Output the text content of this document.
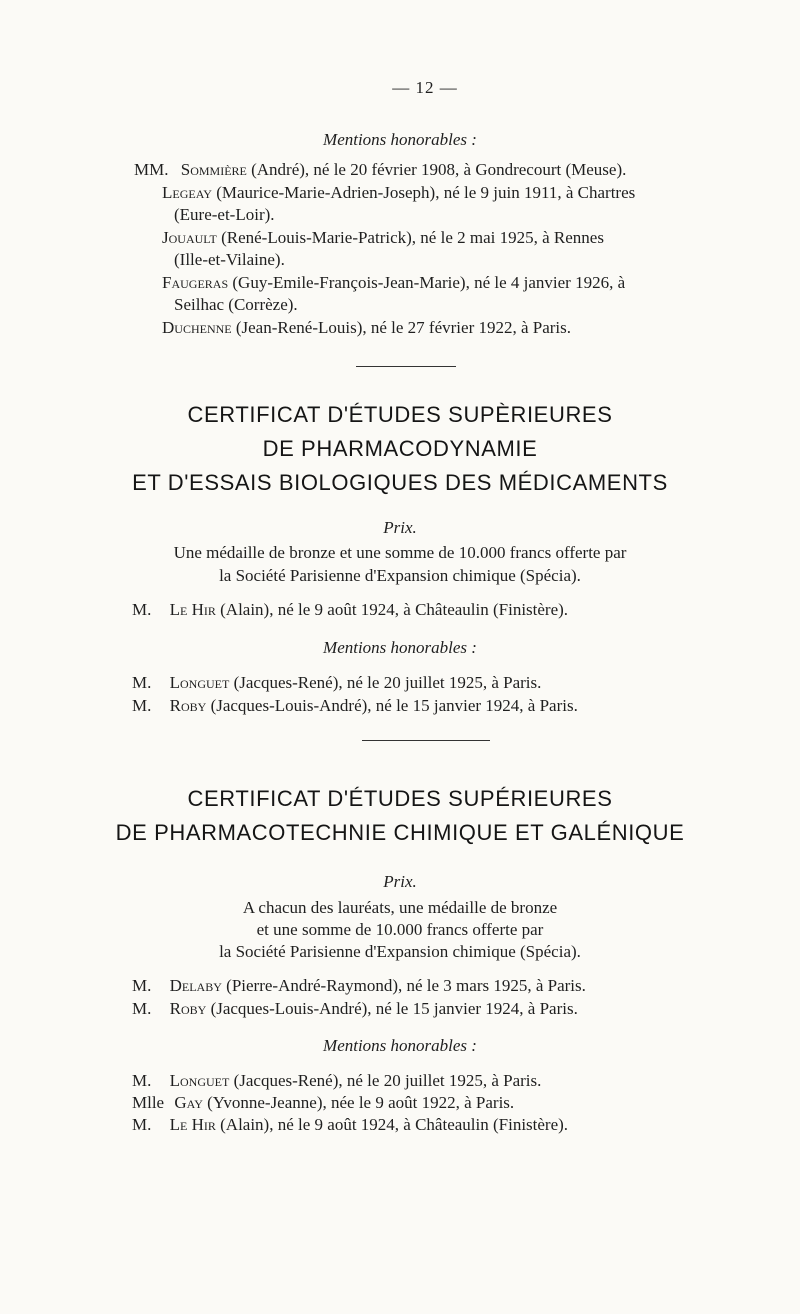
— 12 —
Mentions honorables :
MM. Sommière (André), né le 20 février 1908, à Gondrecourt (Meuse).
Legeay (Maurice-Marie-Adrien-Joseph), né le 9 juin 1911, à Chartres
(Eure-et-Loir).
Jouault (René-Louis-Marie-Patrick), né le 2 mai 1925, à Rennes
(Ille-et-Vilaine).
Faugeras (Guy-Emile-François-Jean-Marie), né le 4 janvier 1926, à
Seilhac (Corrèze).
Duchenne (Jean-René-Louis), né le 27 février 1922, à Paris.
CERTIFICAT D'ÉTUDES SUPÈRIEURES
DE PHARMACODYNAMIE
ET D'ESSAIS BIOLOGIQUES DES MÉDICAMENTS
Prix.
Une médaille de bronze et une somme de 10.000 francs offerte par
la Société Parisienne d'Expansion chimique (Spécia).
M. Le Hir (Alain), né le 9 août 1924, à Châteaulin (Finistère).
Mentions honorables :
M. Longuet (Jacques-René), né le 20 juillet 1925, à Paris.
M. Roby (Jacques-Louis-André), né le 15 janvier 1924, à Paris.
CERTIFICAT D'ÉTUDES SUPÉRIEURES
DE PHARMACOTECHNIE CHIMIQUE ET GALÉNIQUE
Prix.
A chacun des lauréats, une médaille de bronze
et une somme de 10.000 francs offerte par
la Société Parisienne d'Expansion chimique (Spécia).
M. Delaby (Pierre-André-Raymond), né le 3 mars 1925, à Paris.
M. Roby (Jacques-Louis-André), né le 15 janvier 1924, à Paris.
Mentions honorables :
M. Longuet (Jacques-René), né le 20 juillet 1925, à Paris.
Mlle Gay (Yvonne-Jeanne), née le 9 août 1922, à Paris.
M. Le Hir (Alain), né le 9 août 1924, à Châteaulin (Finistère).
